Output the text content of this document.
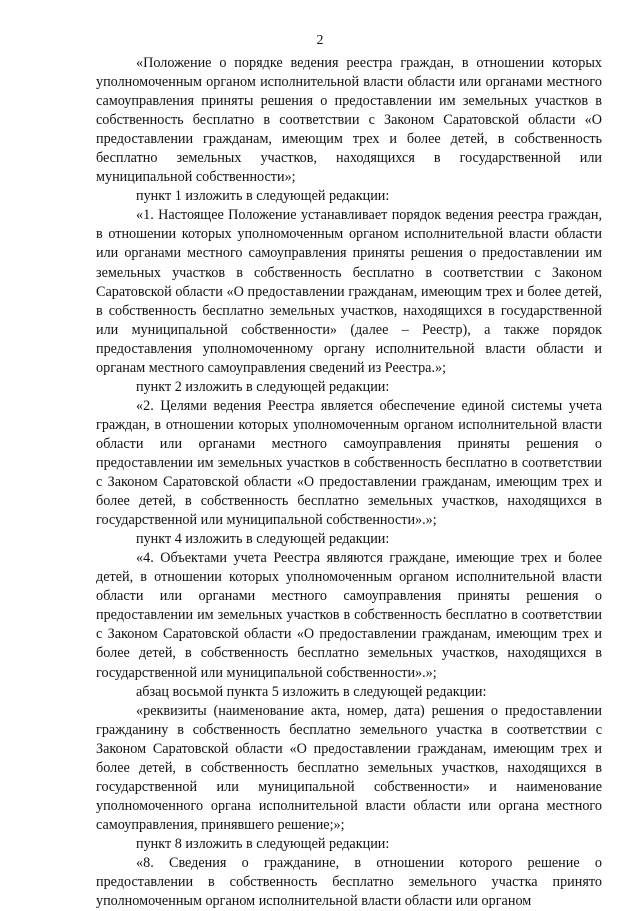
2

«Положение о порядке ведения реестра граждан, в отношении которых уполномоченным органом исполнительной власти области или органами местного самоуправления приняты решения о предоставлении им земельных участков в собственность бесплатно в соответствии с Законом Саратовской области «О предоставлении гражданам, имеющим трех и более детей, в собственность бесплатно земельных участков, находящихся в государственной или муниципальной собственности»;

пункт 1 изложить в следующей редакции:

«1. Настоящее Положение устанавливает порядок ведения реестра граждан, в отношении которых уполномоченным органом исполнительной власти области или органами местного самоуправления приняты решения о предоставлении им земельных участков в собственность бесплатно в соответствии с Законом Саратовской области «О предоставлении гражданам, имеющим трех и более детей, в собственность бесплатно земельных участков, находящихся в государственной или муниципальной собственности» (далее – Реестр), а также порядок предоставления уполномоченному органу исполнительной власти области и органам местного самоуправления сведений из Реестра.»;

пункт 2 изложить в следующей редакции:

«2. Целями ведения Реестра является обеспечение единой системы учета граждан, в отношении которых уполномоченным органом исполнительной власти области или органами местного самоуправления приняты решения о предоставлении им земельных участков в собственность бесплатно в соответствии с Законом Саратовской области «О предоставлении гражданам, имеющим трех и более детей, в собственность бесплатно земельных участков, находящихся в государственной или муниципальной собственности».»;

пункт 4 изложить в следующей редакции:

«4. Объектами учета Реестра являются граждане, имеющие трех и более детей, в отношении которых уполномоченным органом исполнительной власти области или органами местного самоуправления приняты решения о предоставлении им земельных участков в собственность бесплатно в соответствии с Законом Саратовской области «О предоставлении гражданам, имеющим трех и более детей, в собственность бесплатно земельных участков, находящихся в государственной или муниципальной собственности».»;

абзац восьмой пункта 5 изложить в следующей редакции:

«реквизиты (наименование акта, номер, дата) решения о предоставлении гражданину в собственность бесплатно земельного участка в соответствии с Законом Саратовской области «О предоставлении гражданам, имеющим трех и более детей, в собственность бесплатно земельных участков, находящихся в государственной или муниципальной собственности» и наименование уполномоченного органа исполнительной власти области или органа местного самоуправления, принявшего решение;»;

пункт 8 изложить в следующей редакции:

«8. Сведения о гражданине, в отношении которого решение о предоставлении в собственность бесплатно земельного участка принято уполномоченным органом исполнительной власти области или органом
